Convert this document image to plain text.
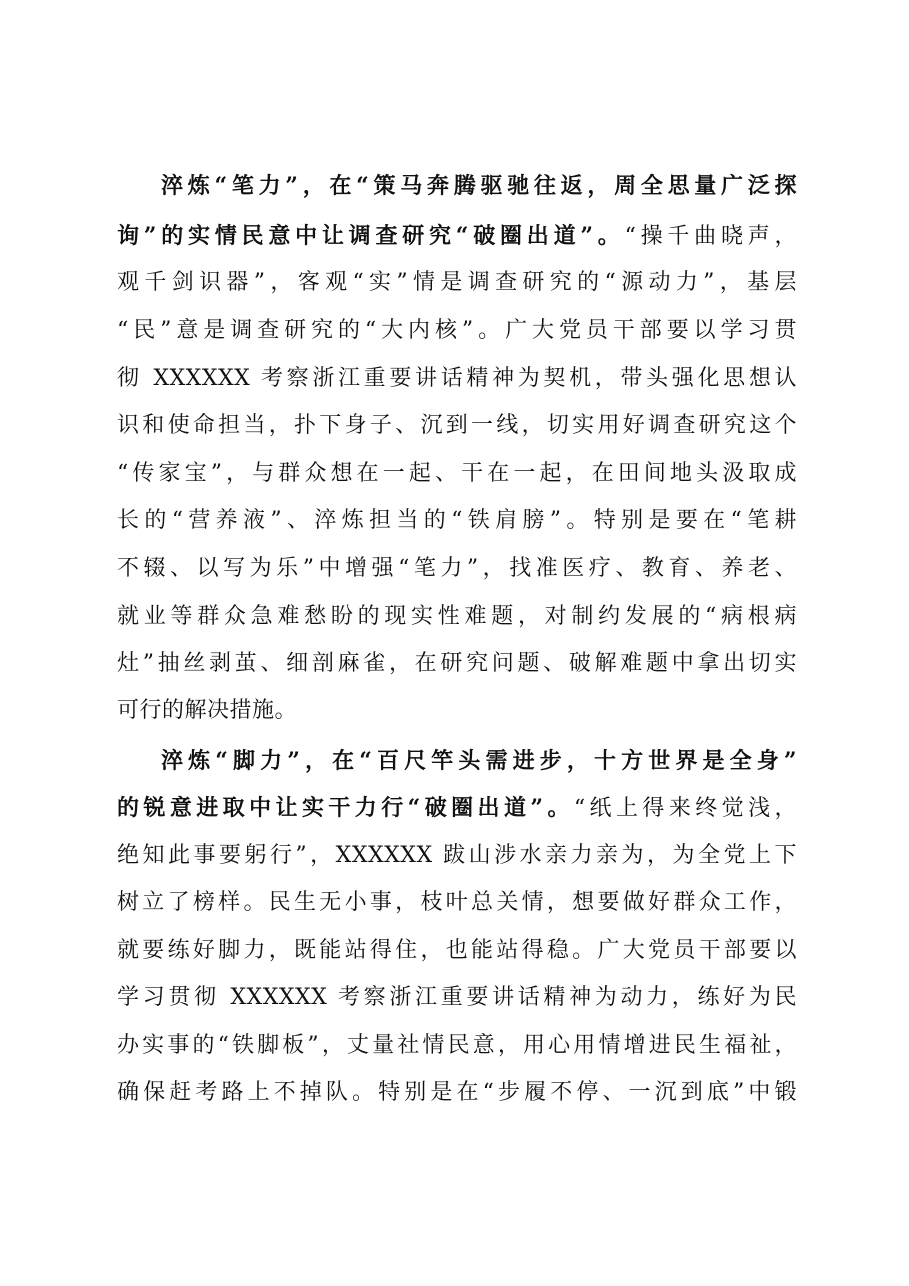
淬炼“笔力”，在“策马奔腾驱驰往返，周全思量广泛探
询”的实情民意中让调查研究“破圈出道”。“操千曲晓声，
观千剑识器”，客观“实”情是调查研究的“源动力”，基层
“民”意是调查研究的“大内核”。广大党员干部要以学习贯
彻 XXXXXX 考察浙江重要讲话精神为契机，带头强化思想认
识和使命担当，扑下身子、沉到一线，切实用好调查研究这个
“传家宝”，与群众想在一起、干在一起，在田间地头汲取成
长的“营养液”、淬炼担当的“铁肩膀”。特别是要在“笔耕
不辍、以写为乐”中增强“笔力”，找准医疗、教育、养老、
就业等群众急难愁盼的现实性难题，对制约发展的“病根病
灶”抽丝剥茧、细剖麻雀，在研究问题、破解难题中拿出切实
可行的解决措施。
淬炼“脚力”，在“百尺竿头需进步，十方世界是全身”
的锐意进取中让实干力行“破圈出道”。“纸上得来终觉浅，
绝知此事要躬行”，XXXXXX 跋山涉水亲力亲为，为全党上下
树立了榜样。民生无小事，枝叶总关情，想要做好群众工作，
就要练好脚力，既能站得住，也能站得稳。广大党员干部要以
学习贯彻 XXXXXX 考察浙江重要讲话精神为动力，练好为民
办实事的“铁脚板”，丈量社情民意，用心用情增进民生福祉，
确保赶考路上不掉队。特别是在“步履不停、一沉到底”中锻
